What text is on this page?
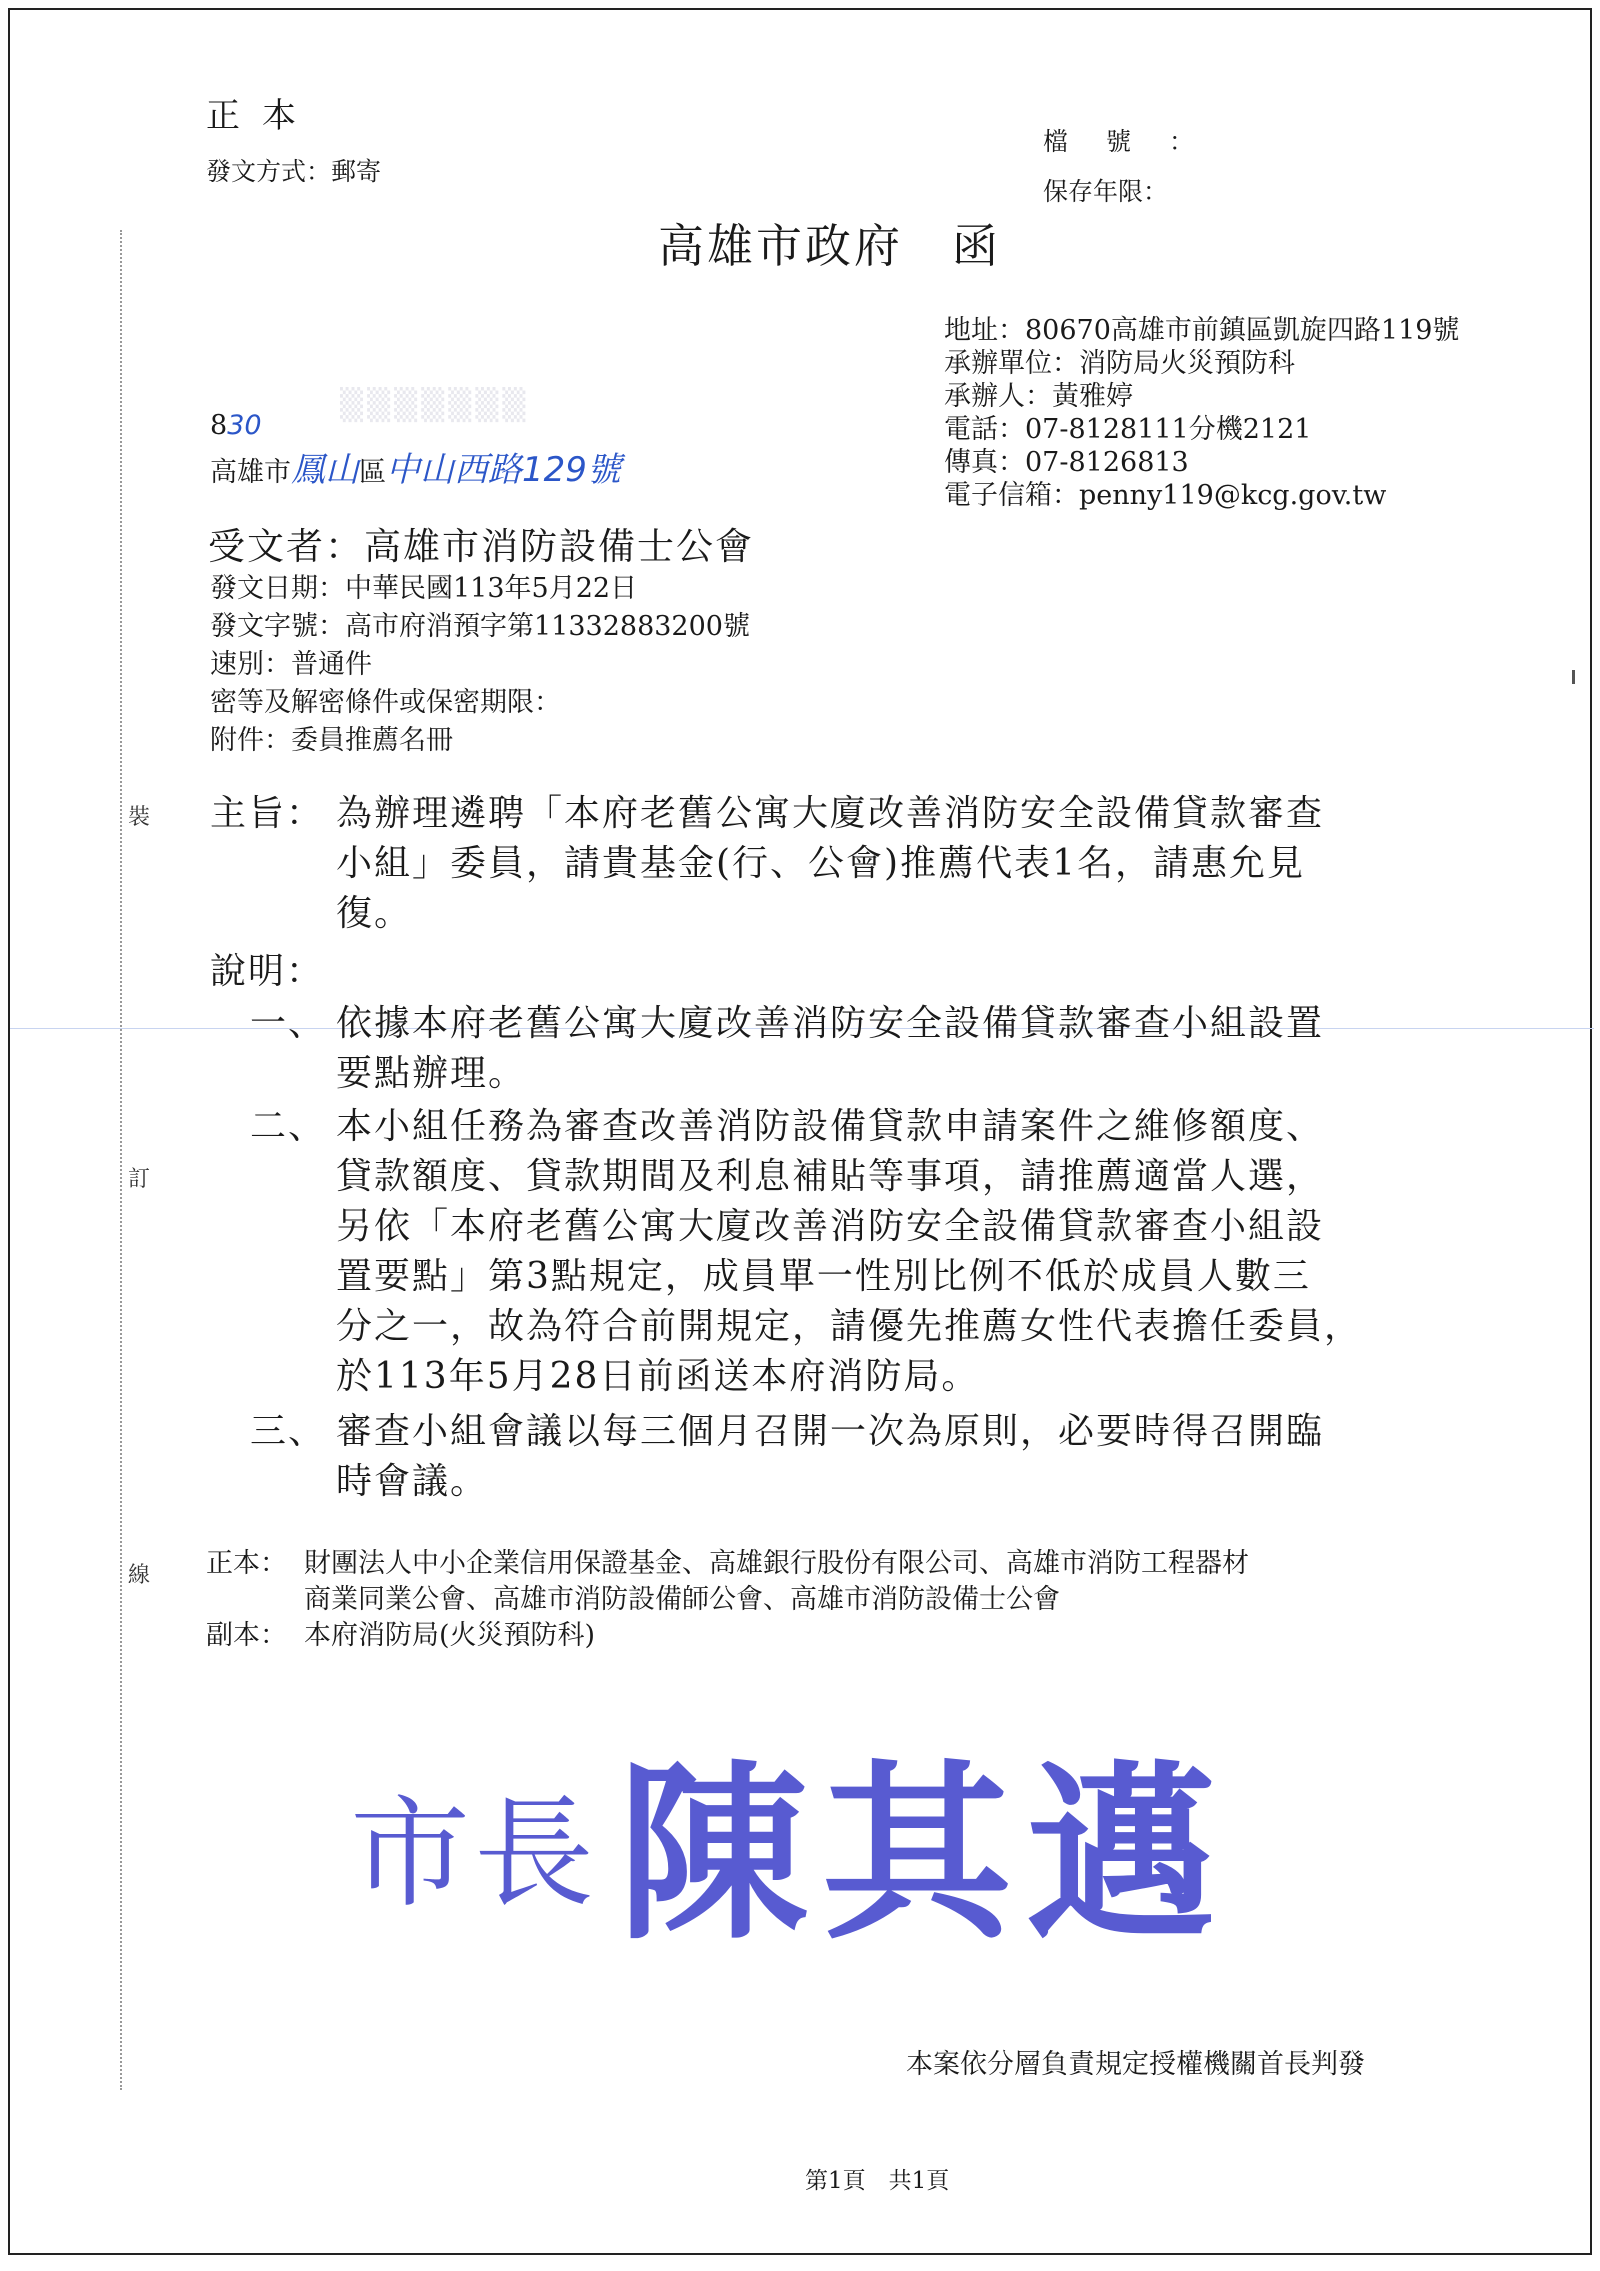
正本
發文方式：郵寄
檔號：
保存年限：
高雄市政府　函
地址：80670高雄市前鎮區凱旋四路119號
承辦單位：消防局火災預防科
承辦人：黃雅婷
電話：07-8128111分機2121
傳真：07-8126813
電子信箱：penny119@kcg.gov.tw
▒▒▒▒▒▒▒
830
高雄市鳳山區中山西路129號
受文者：高雄市消防設備士公會
發文日期：中華民國113年5月22日
發文字號：高市府消預字第11332883200號
速別：普通件
密等及解密條件或保密期限：
附件：委員推薦名冊
裝
訂
線
主旨： 為辦理遴聘「本府老舊公寓大廈改善消防安全設備貸款審查
小組」委員，請貴基金(行、公會)推薦代表1名，請惠允見
復。
說明：
一、 依據本府老舊公寓大廈改善消防安全設備貸款審查小組設置
要點辦理。
二、 本小組任務為審查改善消防設備貸款申請案件之維修額度、
貸款額度、貸款期間及利息補貼等事項，請推薦適當人選，
另依「本府老舊公寓大廈改善消防安全設備貸款審查小組設
置要點」第3點規定，成員單一性別比例不低於成員人數三
分之一，故為符合前開規定，請優先推薦女性代表擔任委員，
於113年5月28日前函送本府消防局。
三、 審查小組會議以每三個月召開一次為原則，必要時得召開臨
時會議。
正本： 財團法人中小企業信用保證基金、高雄銀行股份有限公司、高雄市消防工程器材
商業同業公會、高雄市消防設備師公會、高雄市消防設備士公會
副本： 本府消防局(火災預防科)
市長 陳其邁
本案依分層負責規定授權機關首長判發
第1頁　共1頁
